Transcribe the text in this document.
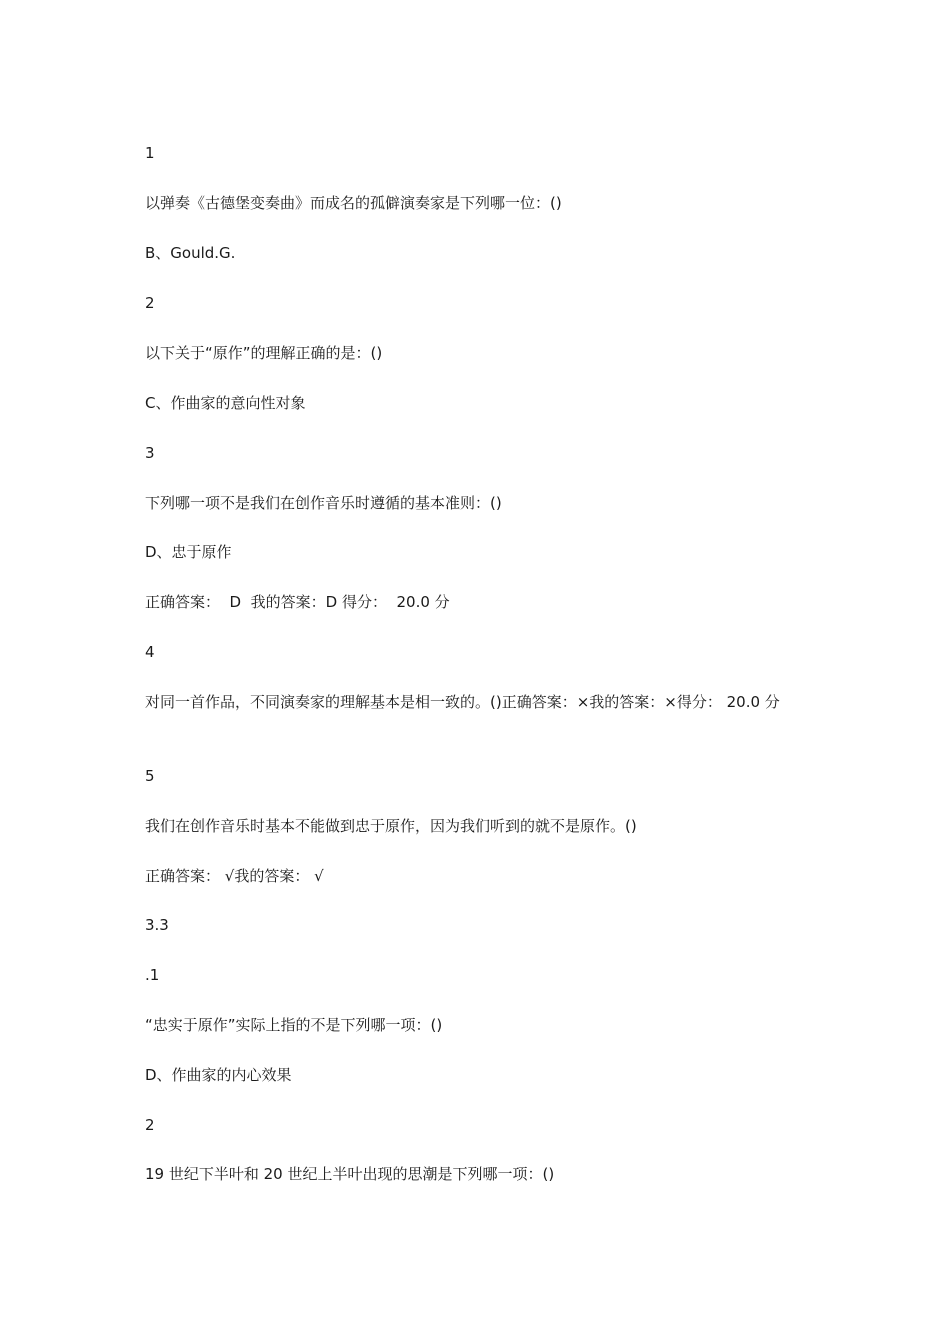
1
以弹奏《古德堡变奏曲》而成名的孤僻演奏家是下列哪一位：()
B、Gould.G.
2
以下关于“原作”的理解正确的是：()
C、作曲家的意向性对象
3
下列哪一项不是我们在创作音乐时遵循的基本准则：()
D、忠于原作
正确答案：  D  我的答案：D 得分：  20.0 分
4
对同一首作品，不同演奏家的理解基本是相一致的。()正确答案：×我的答案：×得分： 20.0 分
5
我们在创作音乐时基本不能做到忠于原作，因为我们听到的就不是原作。()
正确答案： √我的答案： √
3.3
.1
“忠实于原作”实际上指的不是下列哪一项：()
D、作曲家的内心效果
2
19 世纪下半叶和 20 世纪上半叶出现的思潮是下列哪一项：()
